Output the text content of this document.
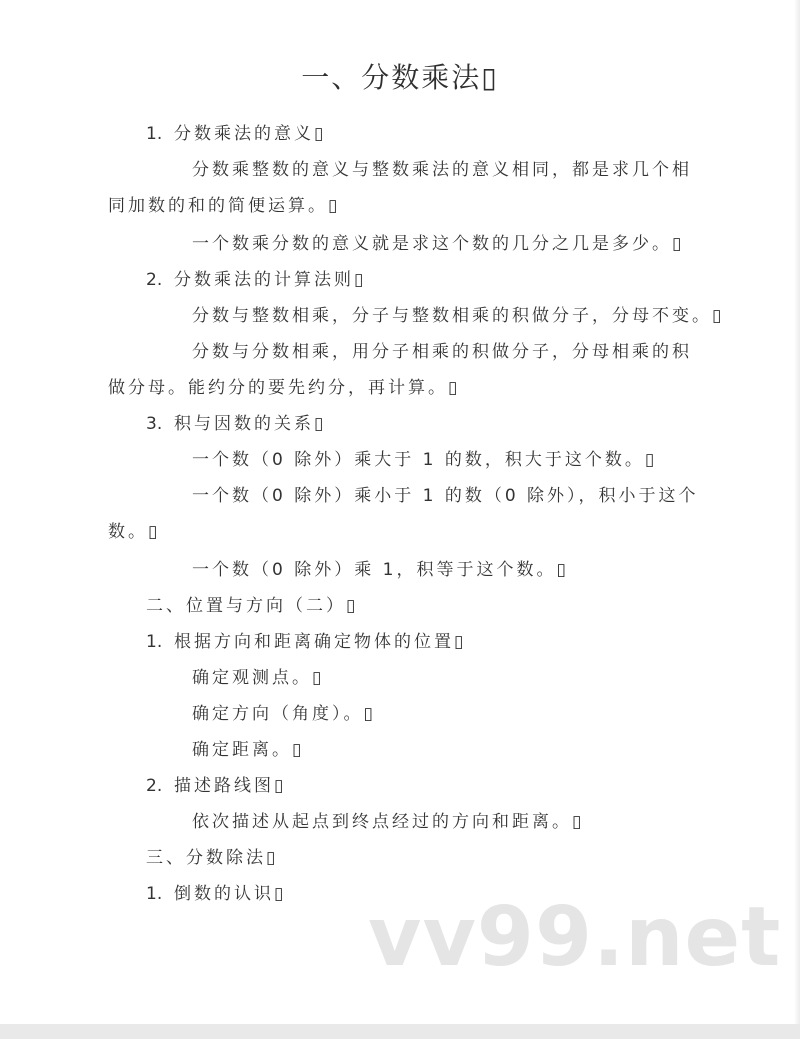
一、分数乘法▯
1. 分数乘法的意义▯
分数乘整数的意义与整数乘法的意义相同，都是求几个相同加数的和的简便运算。▯
一个数乘分数的意义就是求这个数的几分之几是多少。▯
2. 分数乘法的计算法则▯
分数与整数相乘，分子与整数相乘的积做分子，分母不变。▯
分数与分数相乘，用分子相乘的积做分子，分母相乘的积做分母。能约分的要先约分，再计算。▯
3. 积与因数的关系▯
一个数（0 除外）乘大于 1 的数，积大于这个数。▯
一个数（0 除外）乘小于 1 的数（0 除外），积小于这个数。▯
一个数（0 除外）乘 1，积等于这个数。▯
二、位置与方向（二）▯
1. 根据方向和距离确定物体的位置▯
确定观测点。▯
确定方向（角度）。▯
确定距离。▯
2. 描述路线图▯
依次描述从起点到终点经过的方向和距离。▯
三、分数除法▯
1. 倒数的认识▯ vv99.net
